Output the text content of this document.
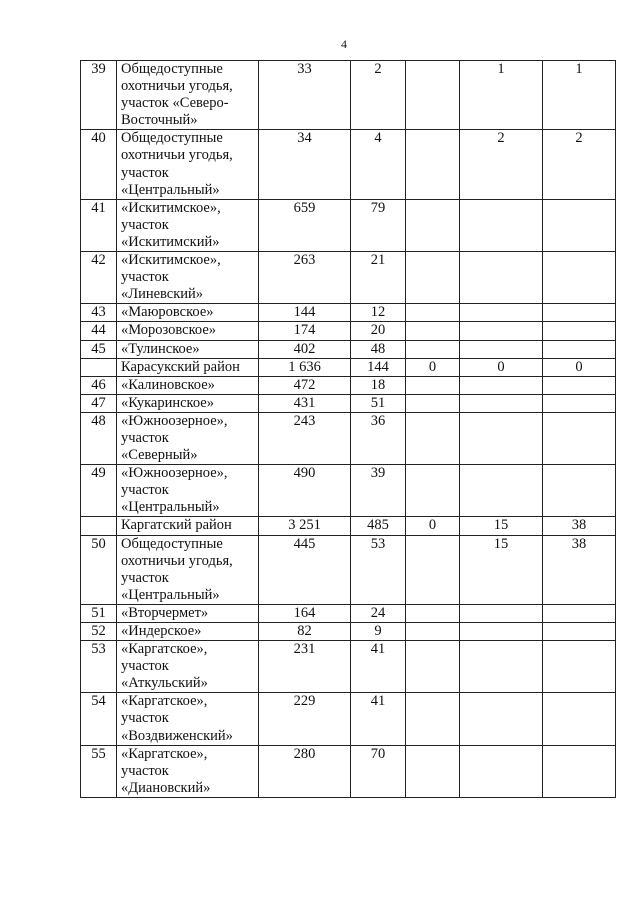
4
39	Общедоступные
охотничьи угодья,
участок «Северо-
Восточный»	33	2		1	1
40	Общедоступные
охотничьи угодья,
участок
«Центральный»	34	4		2	2
41	«Искитимское»,
участок
«Искитимский»	659	79			
42	«Искитимское»,
участок
«Линевский»	263	21			
43	«Маюровское»	144	12			
44	«Морозовское»	174	20			
45	«Тулинское»	402	48			
	Карасукский район	1 636	144	0	0	0
46	«Калиновское»	472	18			
47	«Кукаринское»	431	51			
48	«Южноозерное»,
участок
«Северный»	243	36			
49	«Южноозерное»,
участок
«Центральный»	490	39			
	Каргатский район	3 251	485	0	15	38
50	Общедоступные
охотничьи угодья,
участок
«Центральный»	445	53		15	38
51	«Вторчермет»	164	24			
52	«Индерское»	82	9			
53	«Каргатское»,
участок
«Аткульский»	231	41			
54	«Каргатское»,
участок
«Воздвиженский»	229	41			
55	«Каргатское»,
участок
«Диановский»	280	70			
